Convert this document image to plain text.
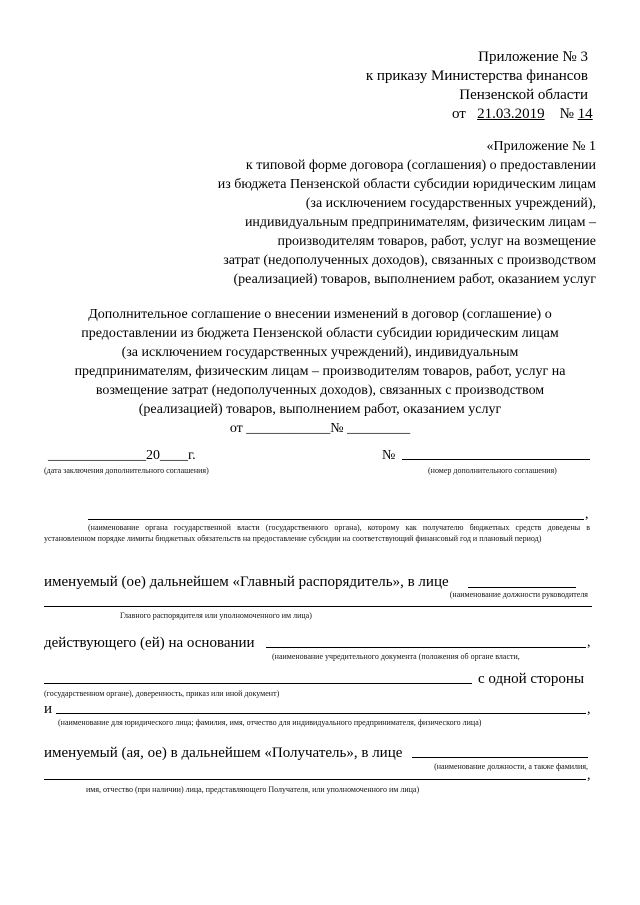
Приложение № 3
к приказу Министерства финансов
Пензенской области
от 21.03.2019 № 14
«Приложение № 1
к типовой форме договора (соглашения) о предоставлении
из бюджета Пензенской области субсидии юридическим лицам
(за исключением государственных учреждений),
индивидуальным предпринимателям, физическим лицам –
производителям товаров, работ, услуг на возмещение
затрат (недополученных доходов), связанных с производством
(реализацией) товаров, выполнением работ, оказанием услуг
Дополнительное соглашение о внесении изменений в договор (соглашение) о
предоставлении из бюджета Пензенской области субсидии юридическим лицам
(за исключением государственных учреждений), индивидуальным
предпринимателям, физическим лицам – производителям товаров, работ, услуг на
возмещение затрат (недополученных доходов), связанных с производством
(реализацией) товаров, выполнением работ, оказанием услуг
от ____________№ _________
______________20____г.
(дата заключения дополнительного соглашения)
№
(номер дополнительного соглашения)
,
(наименование органа государственной власти (государственного органа), которому как получателю бюджетных средств доведены в установленном порядке лимиты бюджетных обязательств на предоставление субсидии на соответствующий финансовый год и плановый период)
именуемый (ое) дальнейшем «Главный распорядитель», в лице
(наименование должности руководителя
Главного распорядителя или уполномоченного им лица)
действующего (ей) на основании	,
(наименование учредительного документа (положения об органе власти,
с одной стороны
(государственном органе), доверенность, приказ или иной документ)
и	,
(наименование для юридического лица; фамилия, имя, отчество для индивидуального предпринимателя, физического лица)
именуемый (ая, ое) в дальнейшем «Получатель», в лице
(наименование должности, а также фамилия,
,
имя, отчество (при наличии) лица, представляющего Получателя, или уполномоченного им лица)
